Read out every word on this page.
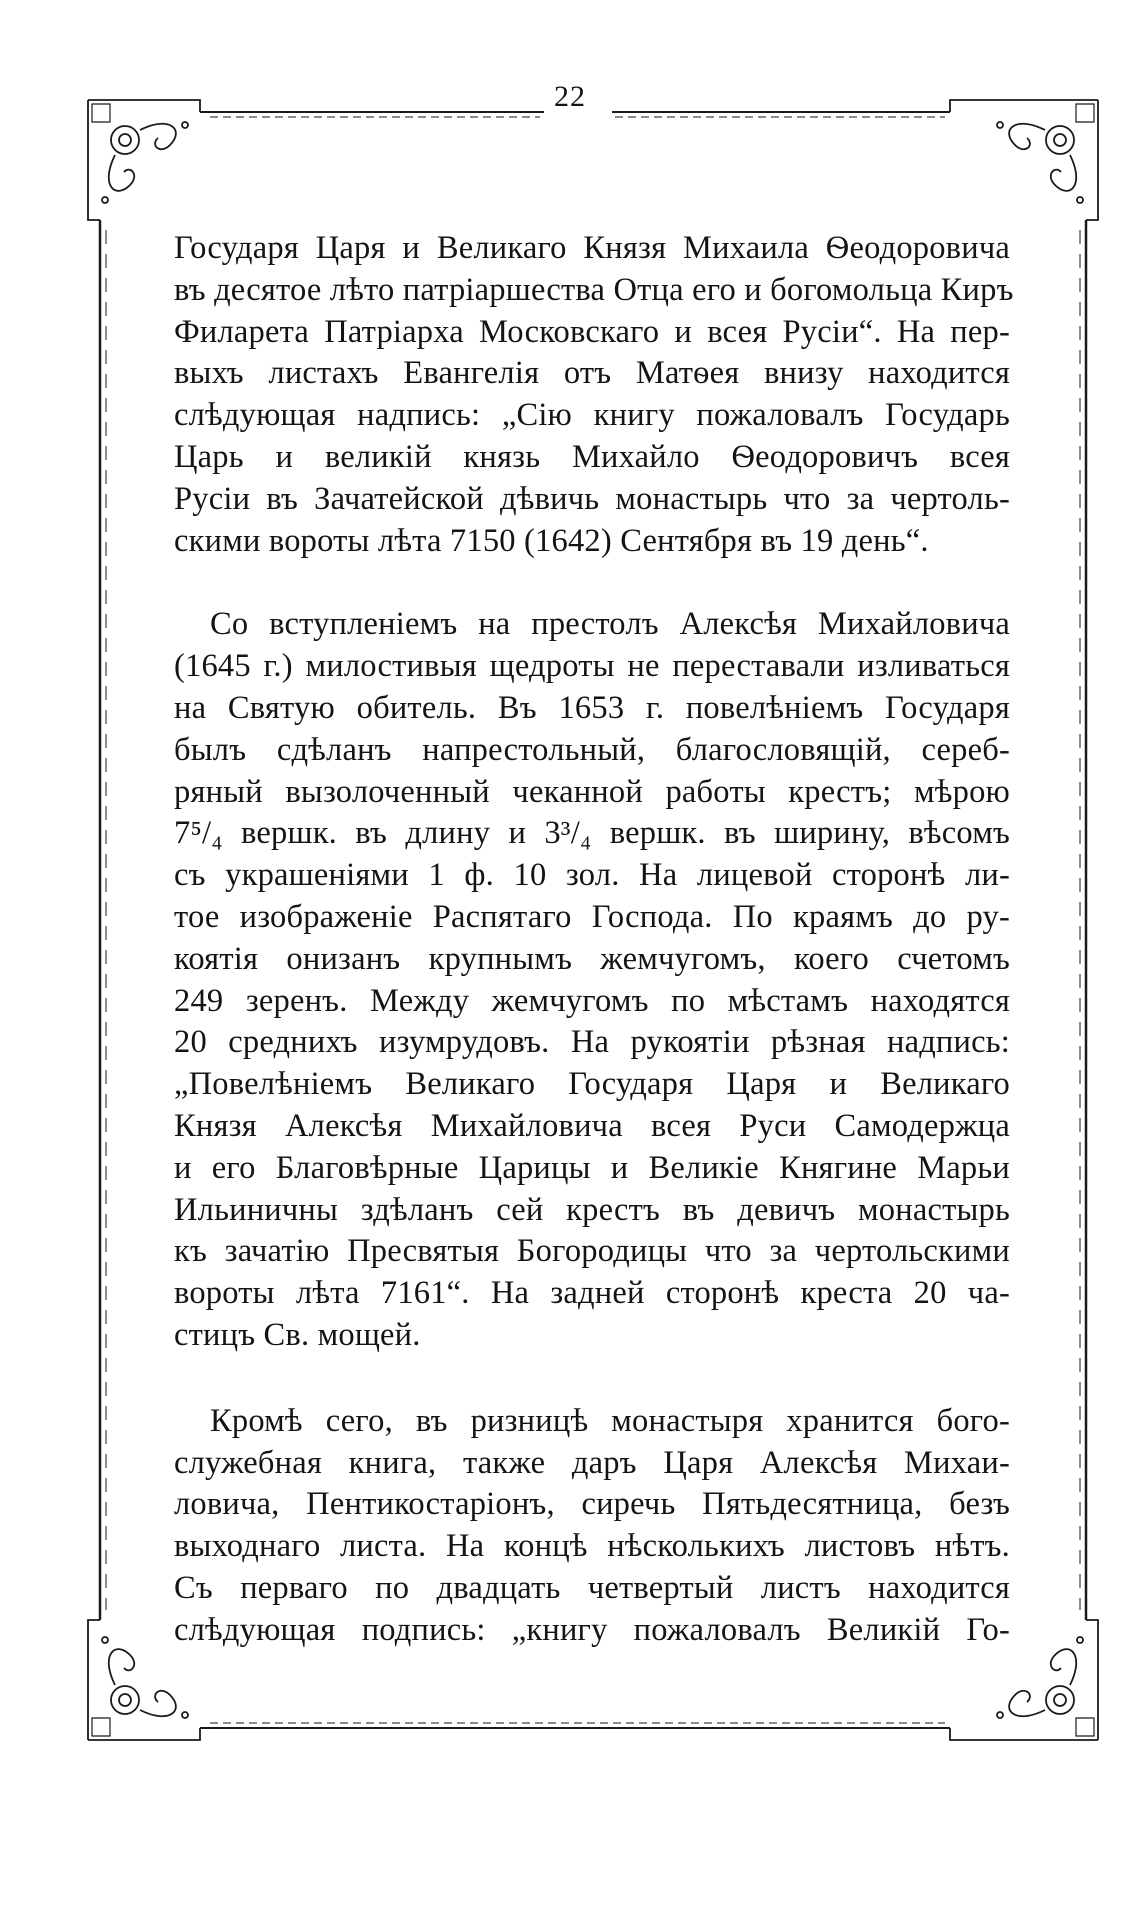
22

Государя Царя и Великаго Князя Михаила Ѳеодоровича
въ десятое лѣто патріаршества Отца его и богомольца Киръ
Филарета Патріарха Московскаго и всея Русіи“. На пер-
выхъ листахъ Евангелія отъ Матѳея внизу находится
слѣдующая надпись: „Сію книгу пожаловалъ Государь
Царь и великій князь Михайло Ѳеодоровичъ всея
Русіи въ Зачатейской дѣвичь монастырь что за чертоль-
скими вороты лѣта 7150 (1642) Сентября въ 19 день“.

Со вступленіемъ на престолъ Алексѣя Михайловича
(1645 г.) милостивыя щедроты не переставали изливаться
на Святую обитель. Въ 1653 г. повелѣніемъ Государя
былъ сдѣланъ напрестольный, благословящій, сереб-
ряный вызолоченный чеканной работы крестъ; мѣрою
7⁵/₄ вершк. въ длину и 3³/₄ вершк. въ ширину, вѣсомъ
съ украшеніями 1 ф. 10 зол. На лицевой сторонѣ ли-
тое изображеніе Распятаго Господа. По краямъ до ру-
коятія онизанъ крупнымъ жемчугомъ, коего счетомъ
249 зеренъ. Между жемчугомъ по мѣстамъ находятся
20 среднихъ изумрудовъ. На рукоятіи рѣзная надпись:
„Повелѣніемъ Великаго Государя Царя и Великаго
Князя Алексѣя Михайловича всея Руси Самодержца
и его Благовѣрные Царицы и Великіе Княгине Марьи
Ильиничны здѣланъ сей крестъ въ девичъ монастырь
къ зачатію Пресвятыя Богородицы что за чертольскими
вороты лѣта 7161“. На задней сторонѣ креста 20 ча-
стицъ Св. мощей.

Кромѣ сего, въ ризницѣ монастыря хранится бого-
служебная книга, также даръ Царя Алексѣя Михаи-
ловича, Пентикостаріонъ, сиречь Пятьдесятница, безъ
выходнаго листа. На концѣ нѣсколькихъ листовъ нѣтъ.
Съ перваго по двадцать четвертый листъ находится
слѣдующая подпись: „книгу пожаловалъ Великій Го-
